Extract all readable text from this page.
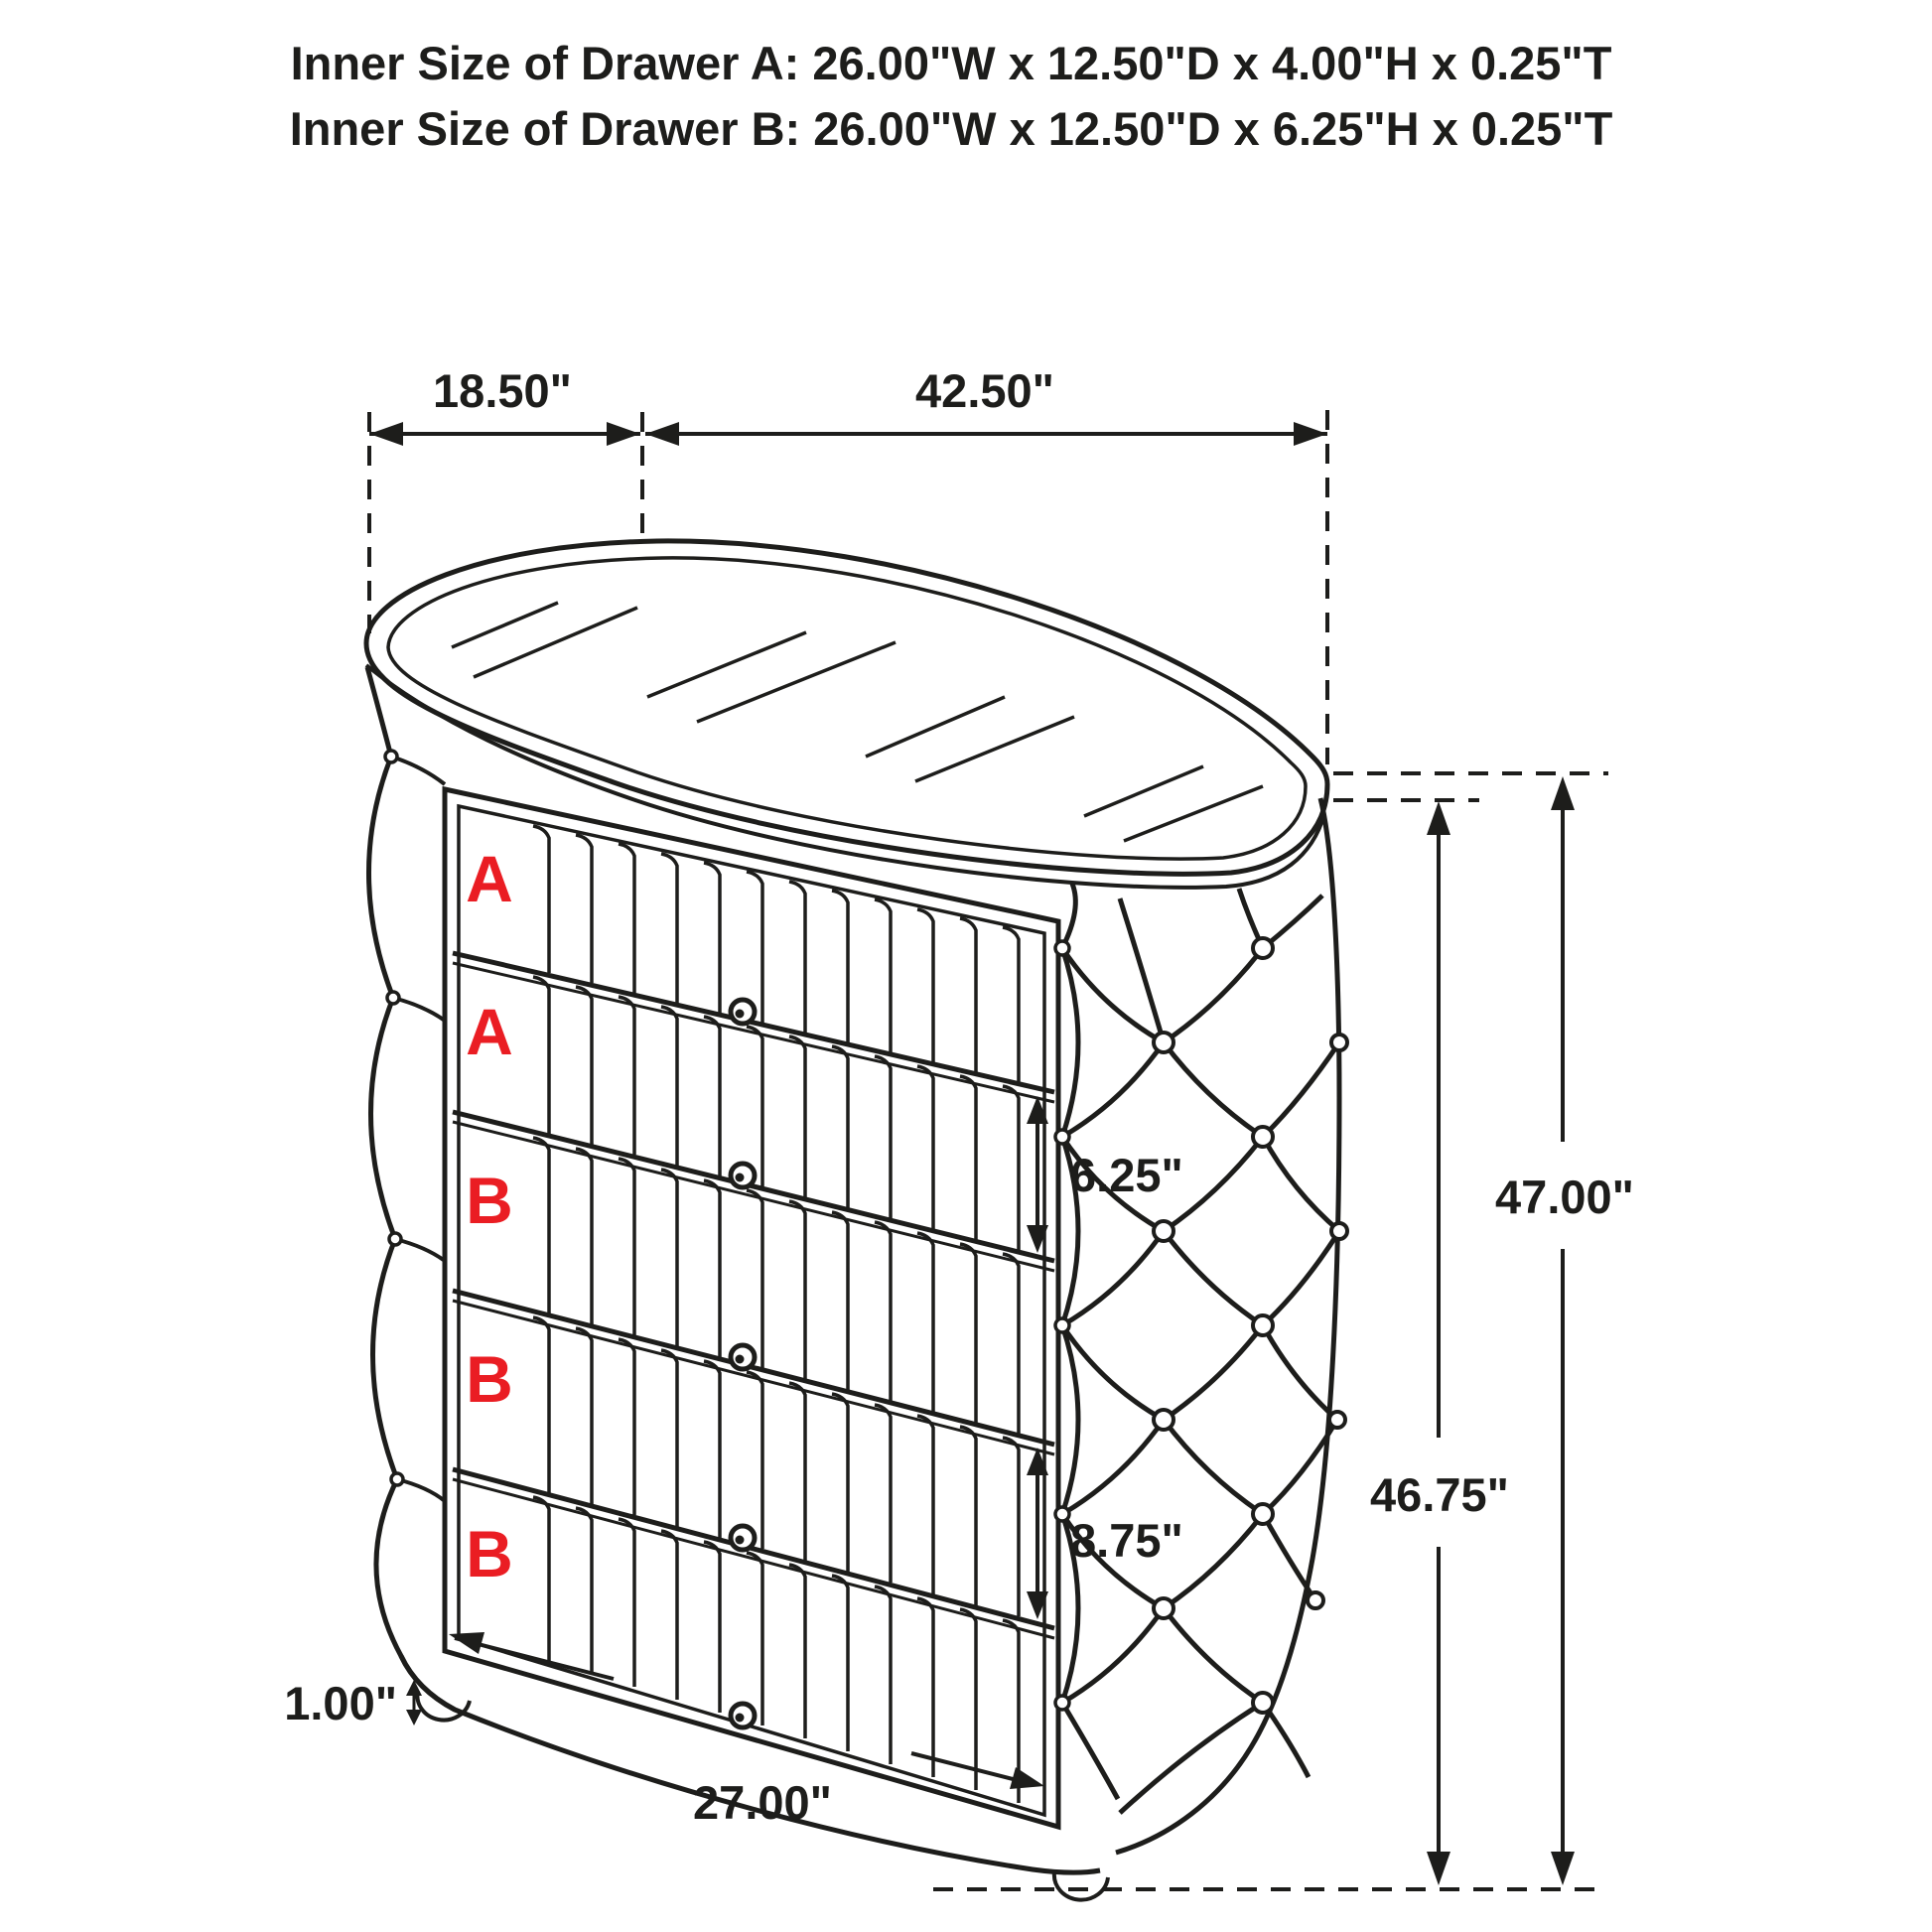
Inner Size of Drawer A: 26.00"W x 12.50"D x 4.00"H x 0.25"T
Inner Size of Drawer B: 26.00"W x 12.50"D x 6.25"H x 0.25"T
18.50"	42.50"
A
A
B
B
B
6.25"
8.75"
47.00"
46.75"
27.00"
1.00"
